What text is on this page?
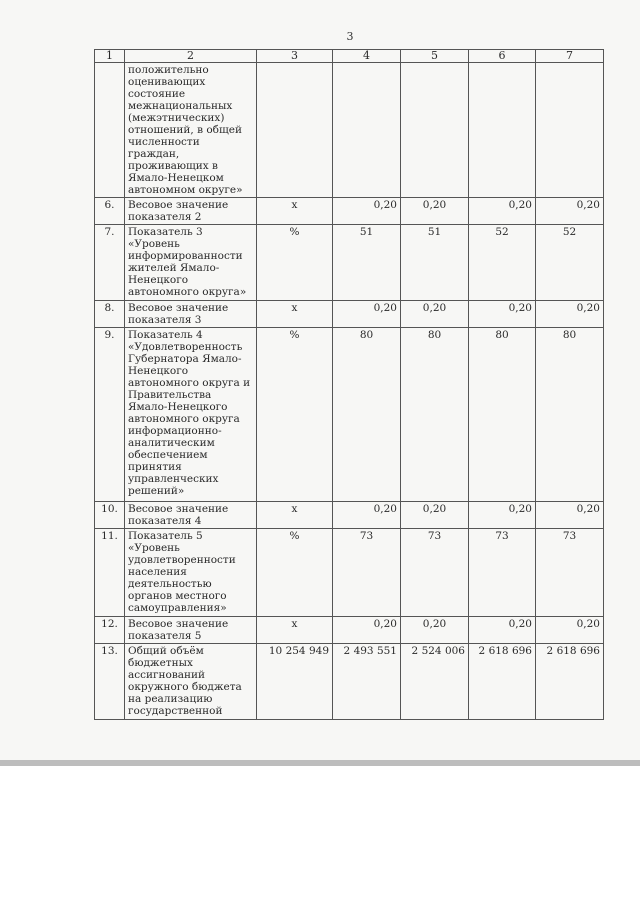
3
1	2	3	4	5	6	7
	положительно оценивающих состояние межнациональных (межэтнических) отношений, в общей численности граждан, проживающих в Ямало-Ненецком автономном округе»					
6.	Весовое значение показателя 2	х	0,20	0,20	0,20	0,20
7.	Показатель 3 «Уровень информированности жителей Ямало-Ненецкого автономного округа»	%	51	51	52	52
8.	Весовое значение показателя 3	х	0,20	0,20	0,20	0,20
9.	Показатель 4 «Удовлетворенность Губернатора Ямало-Ненецкого автономного округа и Правительства Ямало-Ненецкого автономного округа информационно-аналитическим обеспечением принятия управленческих решений»	%	80	80	80	80
10.	Весовое значение показателя 4	х	0,20	0,20	0,20	0,20
11.	Показатель 5 «Уровень удовлетворенности населения деятельностью органов местного самоуправления»	%	73	73	73	73
12.	Весовое значение показателя 5	х	0,20	0,20	0,20	0,20
13.	Общий объём бюджетных ассигнований окружного бюджета на реализацию государственной	10 254 949	2 493 551	2 524 006	2 618 696	2 618 696
